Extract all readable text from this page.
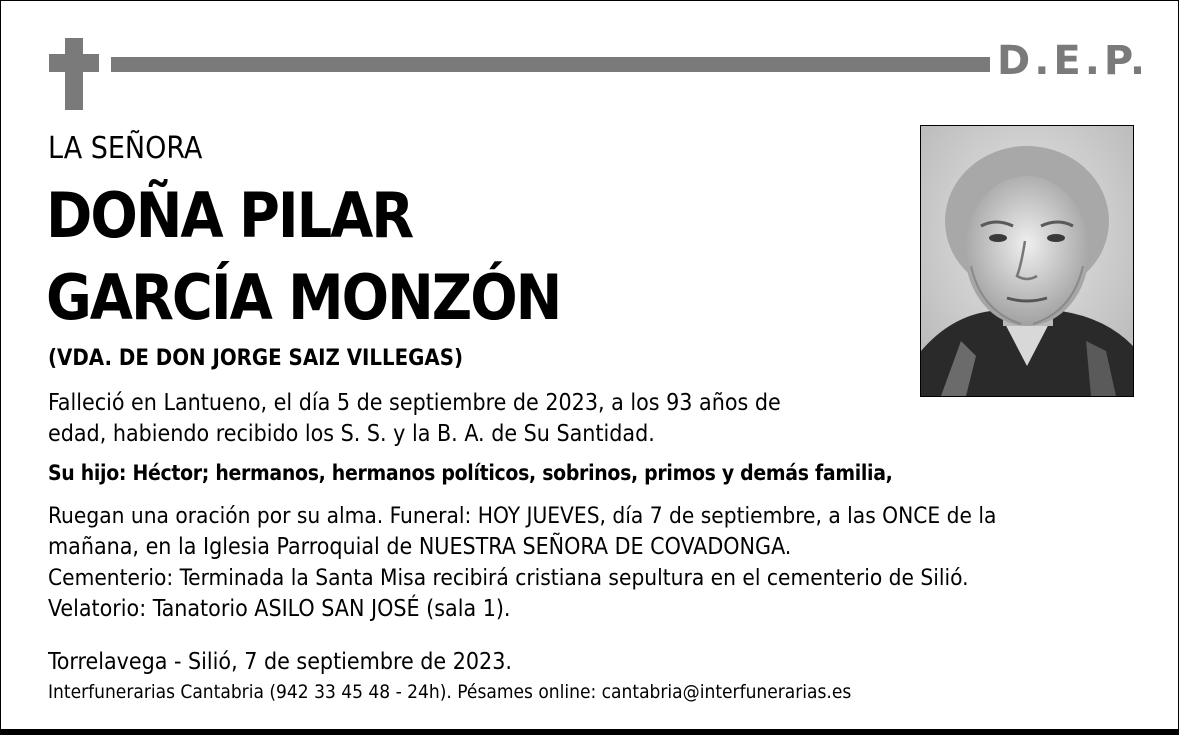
D.E.P.
LA SEÑORA
DOÑA PILAR
GARCÍA MONZÓN
(VDA. DE DON JORGE SAIZ VILLEGAS)
Falleció en Lantueno, el día 5 de septiembre de 2023, a los 93 años de
edad, habiendo recibido los S. S. y la B. A. de Su Santidad.
Su hijo: Héctor; hermanos, hermanos políticos, sobrinos, primos y demás familia,
Ruegan una oración por su alma. Funeral: HOY JUEVES, día 7 de septiembre, a las ONCE de la
mañana, en la Iglesia Parroquial de NUESTRA SEÑORA DE COVADONGA.
Cementerio: Terminada la Santa Misa recibirá cristiana sepultura en el cementerio de Silió.
Velatorio: Tanatorio ASILO SAN JOSÉ (sala 1).
Torrelavega - Silió, 7 de septiembre de 2023.
Interfunerarias Cantabria (942 33 45 48 - 24h). Pésames online: cantabria@interfunerarias.es
